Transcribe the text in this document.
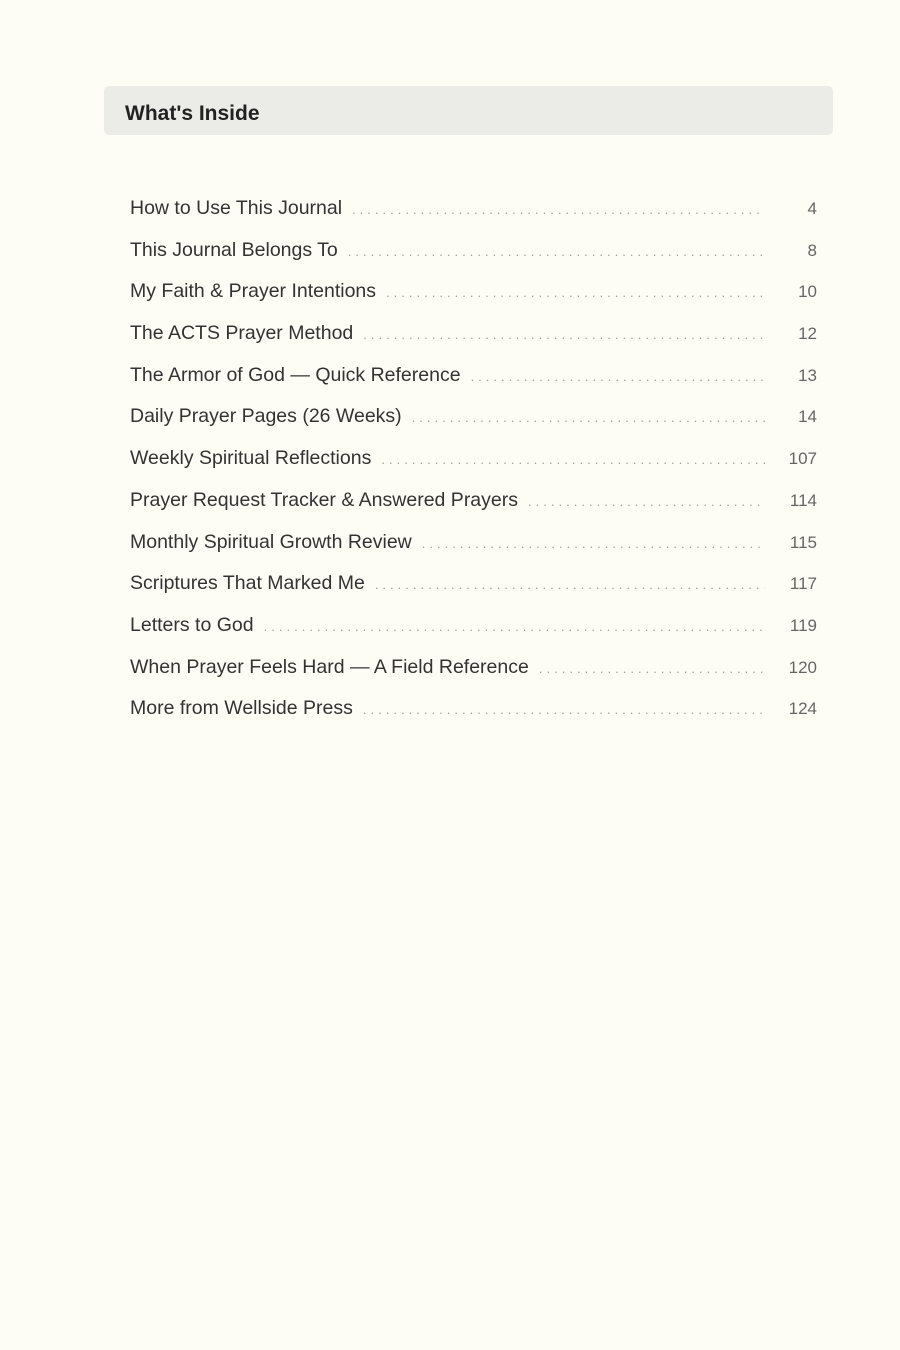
What's Inside
How to Use This Journal . . .	4
This Journal Belongs To . . .	8
My Faith & Prayer Intentions . . .	10
The ACTS Prayer Method . . .	12
The Armor of God — Quick Reference . . .	13
Daily Prayer Pages (26 Weeks) . . .	14
Weekly Spiritual Reflections . . .	107
Prayer Request Tracker & Answered Prayers . . .	114
Monthly Spiritual Growth Review . . .	115
Scriptures That Marked Me . . .	117
Letters to God . . .	119
When Prayer Feels Hard — A Field Reference . . .	120
More from Wellside Press . . .	124
